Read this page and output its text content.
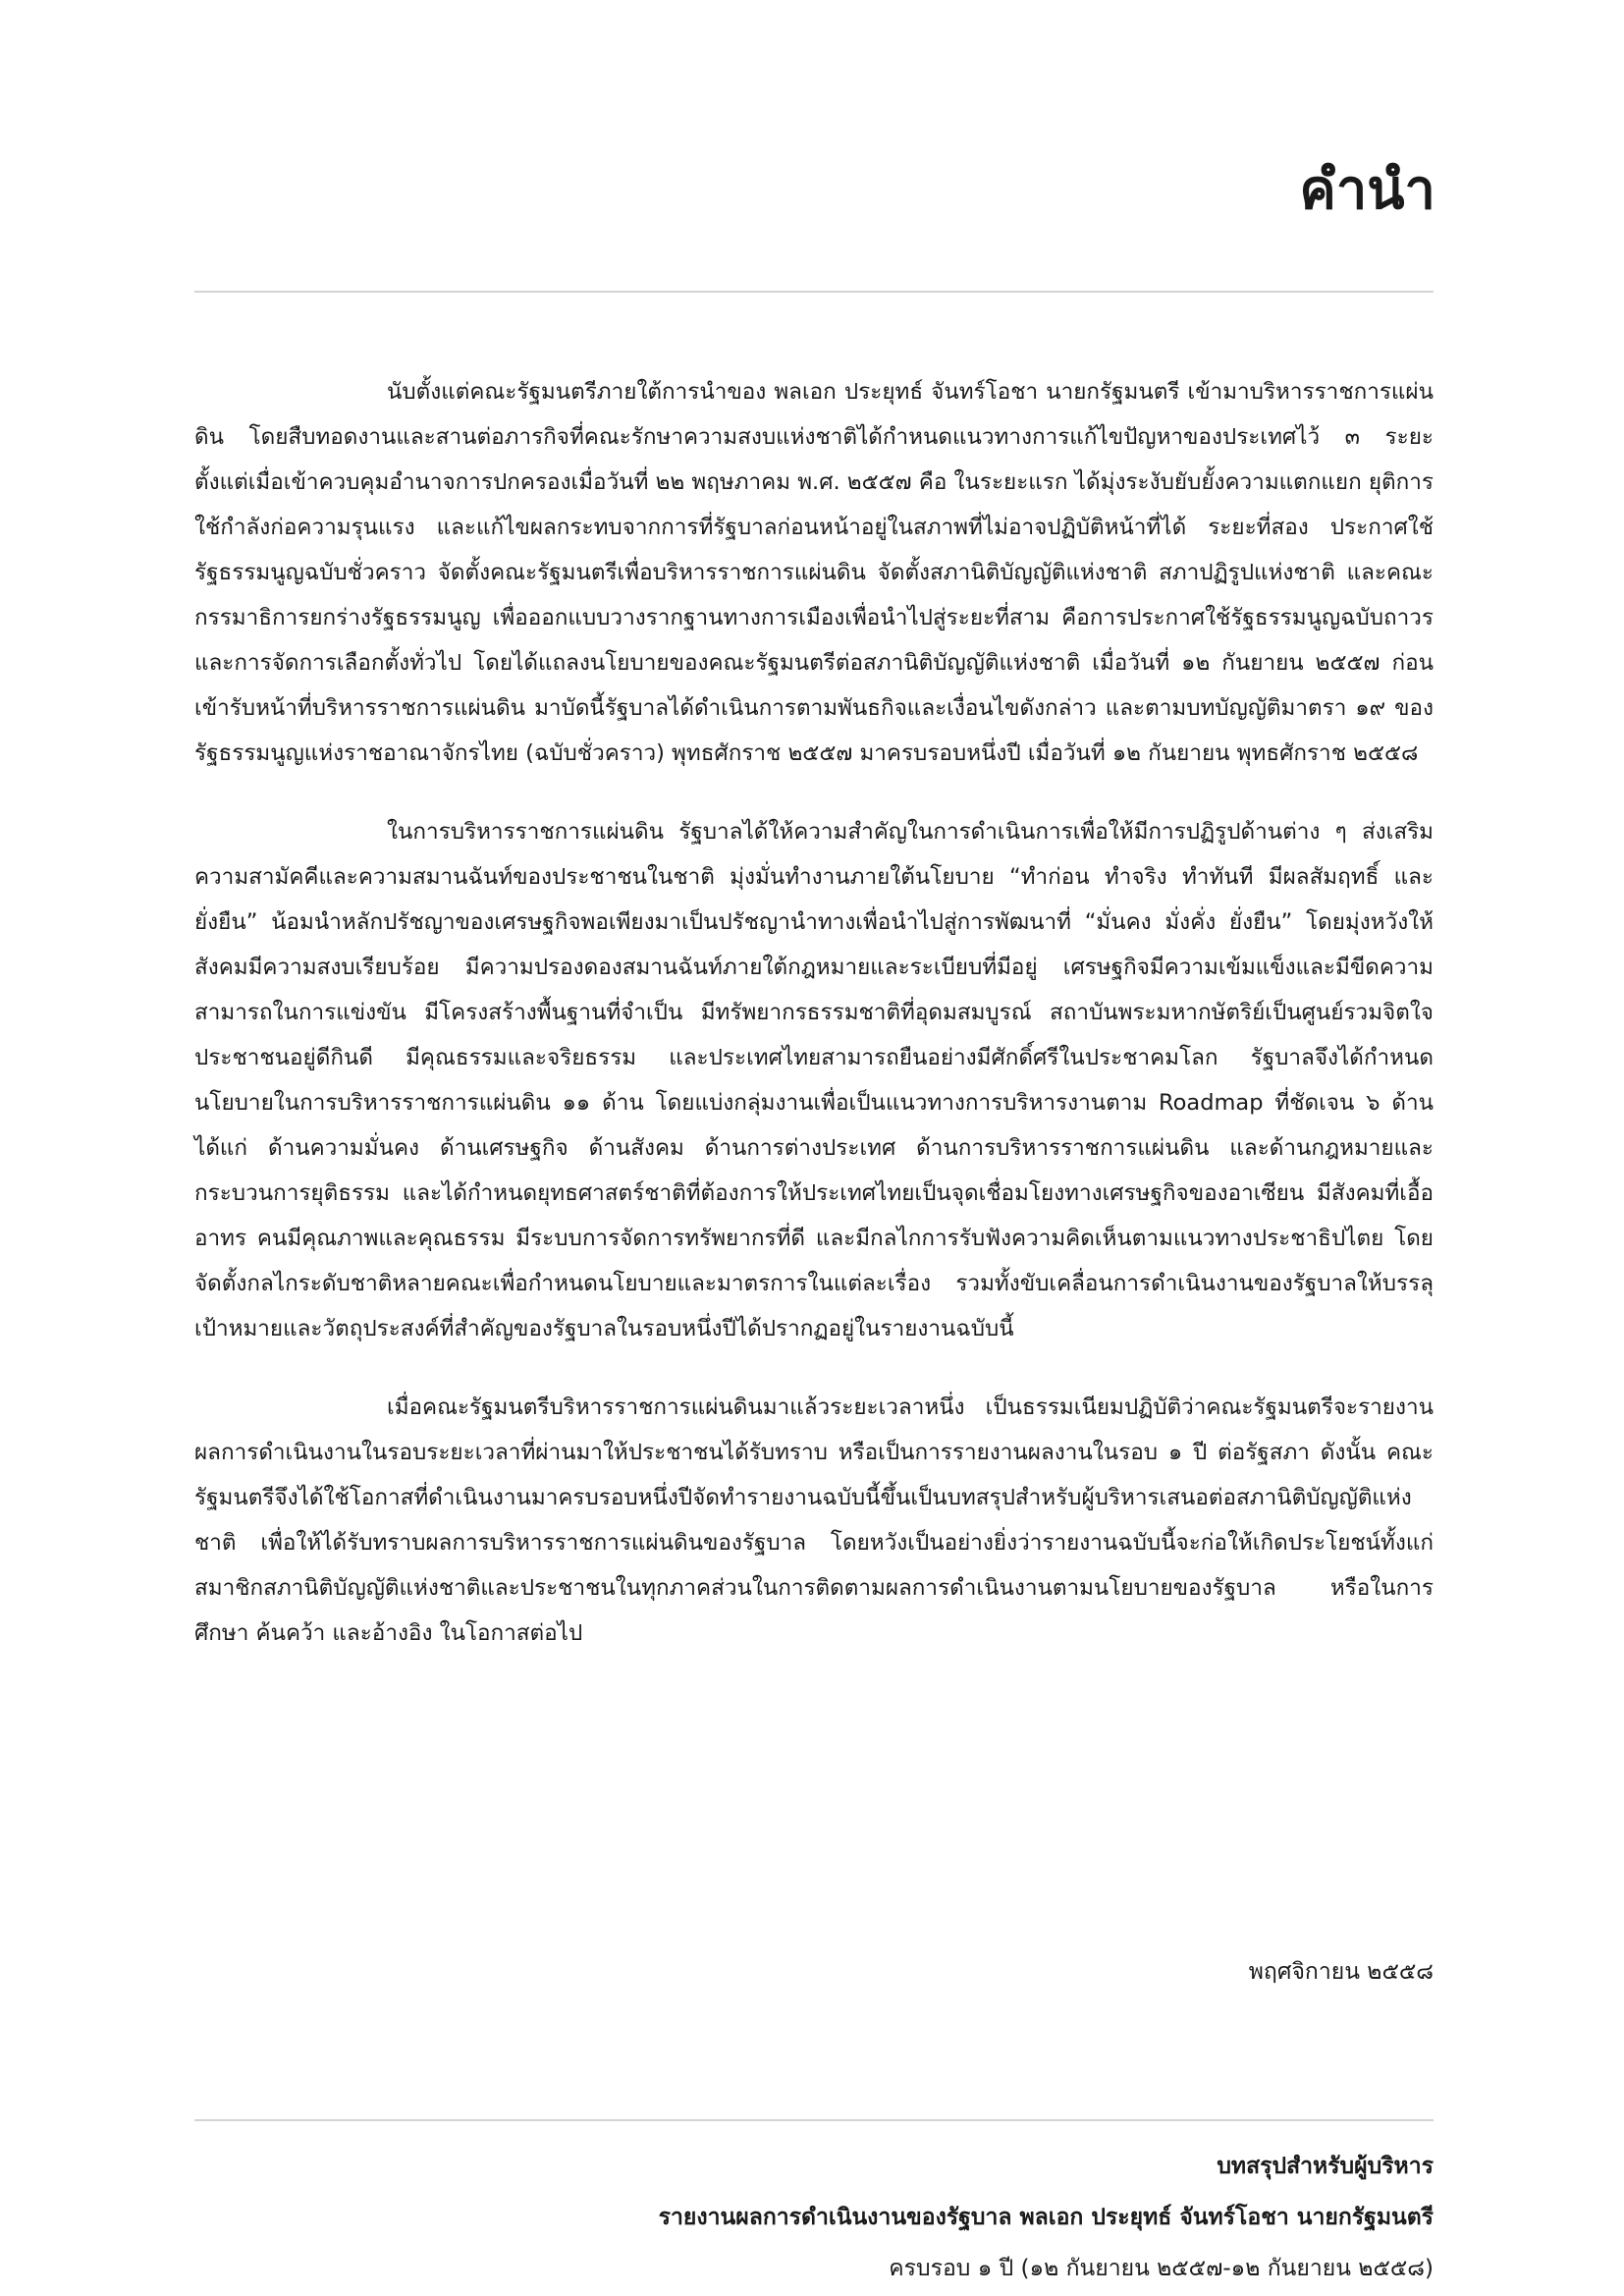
คำนำ

นับตั้งแต่คณะรัฐมนตรีภายใต้การนำของ พลเอก ประยุทธ์ จันทร์โอชา นายกรัฐมนตรี เข้ามาบริหารราชการแผ่นดิน โดยสืบทอดงานและสานต่อภารกิจที่คณะรักษาความสงบแห่งชาติได้กำหนดแนวทางการแก้ไขปัญหาของประเทศไว้ ๓ ระยะ ตั้งแต่เมื่อเข้าควบคุมอำนาจการปกครองเมื่อวันที่ ๒๒ พฤษภาคม พ.ศ. ๒๕๕๗ คือ ในระยะแรก ได้มุ่งระงับยับยั้งความแตกแยก ยุติการใช้กำลังก่อความรุนแรง และแก้ไขผลกระทบจากการที่รัฐบาลก่อนหน้าอยู่ในสภาพที่ไม่อาจปฏิบัติหน้าที่ได้ ระยะที่สอง ประกาศใช้รัฐธรรมนูญฉบับชั่วคราว จัดตั้งคณะรัฐมนตรีเพื่อบริหารราชการแผ่นดิน จัดตั้งสภานิติบัญญัติแห่งชาติ สภาปฏิรูปแห่งชาติ และคณะกรรมาธิการยกร่างรัฐธรรมนูญ เพื่อออกแบบวางรากฐานทางการเมืองเพื่อนำไปสู่ระยะที่สาม คือการประกาศใช้รัฐธรรมนูญฉบับถาวรและการจัดการเลือกตั้งทั่วไป โดยได้แถลงนโยบายของคณะรัฐมนตรีต่อสภานิติบัญญัติแห่งชาติ เมื่อวันที่ ๑๒ กันยายน ๒๕๕๗ ก่อนเข้ารับหน้าที่บริหารราชการแผ่นดิน มาบัดนี้รัฐบาลได้ดำเนินการตามพันธกิจและเงื่อนไขดังกล่าว และตามบทบัญญัติมาตรา ๑๙ ของรัฐธรรมนูญแห่งราชอาณาจักรไทย (ฉบับชั่วคราว) พุทธศักราช ๒๕๕๗ มาครบรอบหนึ่งปี เมื่อวันที่ ๑๒ กันยายน พุทธศักราช ๒๕๕๘

ในการบริหารราชการแผ่นดิน รัฐบาลได้ให้ความสำคัญในการดำเนินการเพื่อให้มีการปฏิรูปด้านต่าง ๆ ส่งเสริมความสามัคคีและความสมานฉันท์ของประชาชนในชาติ มุ่งมั่นทำงานภายใต้นโยบาย “ทำก่อน ทำจริง ทำทันที มีผลสัมฤทธิ์ และยั่งยืน” น้อมนำหลักปรัชญาของเศรษฐกิจพอเพียงมาเป็นปรัชญานำทางเพื่อนำไปสู่การพัฒนาที่ “มั่นคง มั่งคั่ง ยั่งยืน” โดยมุ่งหวังให้สังคมมีความสงบเรียบร้อย มีความปรองดองสมานฉันท์ภายใต้กฎหมายและระเบียบที่มีอยู่ เศรษฐกิจมีความเข้มแข็งและมีขีดความสามารถในการแข่งขัน มีโครงสร้างพื้นฐานที่จำเป็น มีทรัพยากรธรรมชาติที่อุดมสมบูรณ์ สถาบันพระมหากษัตริย์เป็นศูนย์รวมจิตใจ ประชาชนอยู่ดีกินดี มีคุณธรรมและจริยธรรม และประเทศไทยสามารถยืนอย่างมีศักดิ์ศรีในประชาคมโลก รัฐบาลจึงได้กำหนดนโยบายในการบริหารราชการแผ่นดิน ๑๑ ด้าน โดยแบ่งกลุ่มงานเพื่อเป็นแนวทางการบริหารงานตาม Roadmap ที่ชัดเจน ๖ ด้าน ได้แก่ ด้านความมั่นคง ด้านเศรษฐกิจ ด้านสังคม ด้านการต่างประเทศ ด้านการบริหารราชการแผ่นดิน และด้านกฎหมายและกระบวนการยุติธรรม และได้กำหนดยุทธศาสตร์ชาติที่ต้องการให้ประเทศไทยเป็นจุดเชื่อมโยงทางเศรษฐกิจของอาเซียน มีสังคมที่เอื้ออาทร คนมีคุณภาพและคุณธรรม มีระบบการจัดการทรัพยากรที่ดี และมีกลไกการรับฟังความคิดเห็นตามแนวทางประชาธิปไตย โดยจัดตั้งกลไกระดับชาติหลายคณะเพื่อกำหนดนโยบายและมาตรการในแต่ละเรื่อง รวมทั้งขับเคลื่อนการดำเนินงานของรัฐบาลให้บรรลุเป้าหมายและวัตถุประสงค์ที่สำคัญของรัฐบาลในรอบหนึ่งปีได้ปรากฏอยู่ในรายงานฉบับนี้

เมื่อคณะรัฐมนตรีบริหารราชการแผ่นดินมาแล้วระยะเวลาหนึ่ง เป็นธรรมเนียมปฏิบัติว่าคณะรัฐมนตรีจะรายงานผลการดำเนินงานในรอบระยะเวลาที่ผ่านมาให้ประชาชนได้รับทราบ หรือเป็นการรายงานผลงานในรอบ ๑ ปี ต่อรัฐสภา ดังนั้น คณะรัฐมนตรีจึงได้ใช้โอกาสที่ดำเนินงานมาครบรอบหนึ่งปีจัดทำรายงานฉบับนี้ขึ้นเป็นบทสรุปสำหรับผู้บริหารเสนอต่อสภานิติบัญญัติแห่งชาติ เพื่อให้ได้รับทราบผลการบริหารราชการแผ่นดินของรัฐบาล โดยหวังเป็นอย่างยิ่งว่ารายงานฉบับนี้จะก่อให้เกิดประโยชน์ทั้งแก่สมาชิกสภานิติบัญญัติแห่งชาติและประชาชนในทุกภาคส่วนในการติดตามผลการดำเนินงานตามนโยบายของรัฐบาล หรือในการศึกษา ค้นคว้า และอ้างอิง ในโอกาสต่อไป

พฤศจิกายน ๒๕๕๘

บทสรุปสำหรับผู้บริหาร
รายงานผลการดำเนินงานของรัฐบาล พลเอก ประยุทธ์ จันทร์โอชา นายกรัฐมนตรี
ครบรอบ ๑ ปี (๑๒ กันยายน ๒๕๕๗-๑๒ กันยายน ๒๕๕๘)
